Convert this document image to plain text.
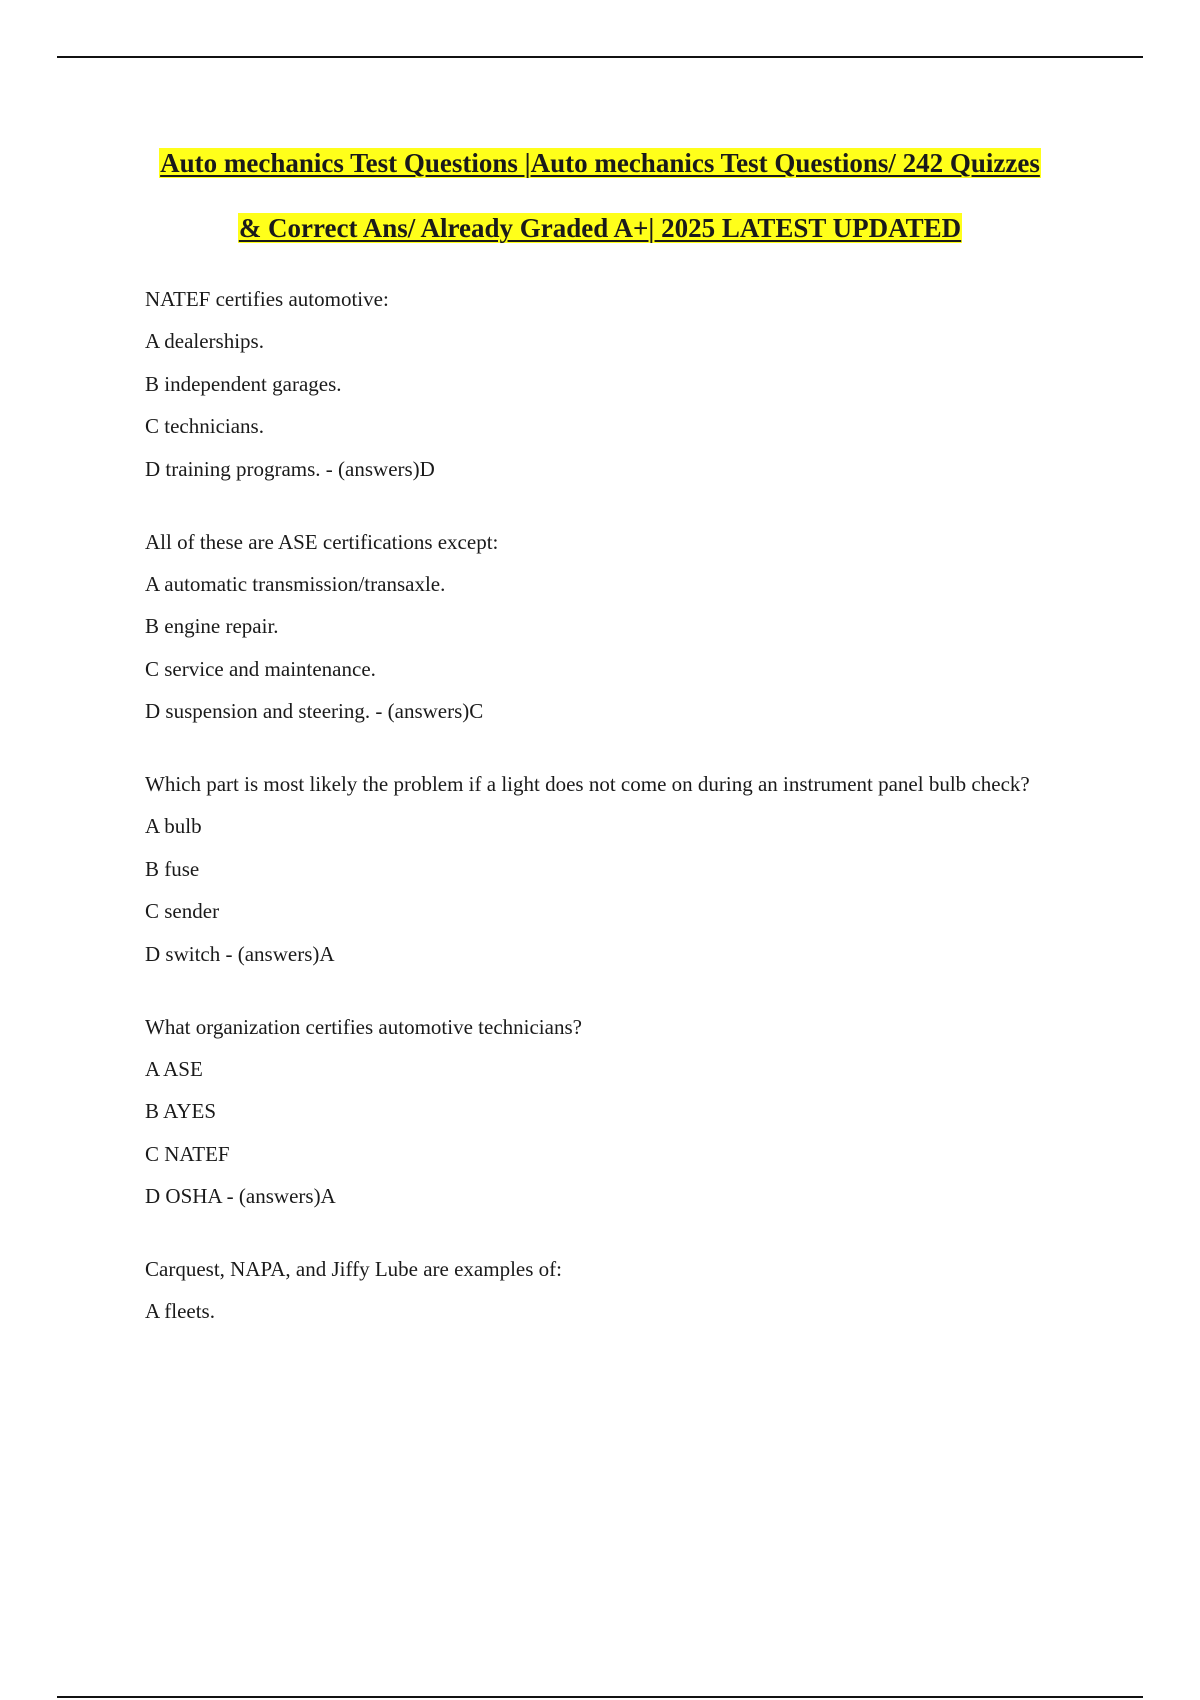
Auto mechanics Test Questions |Auto mechanics Test Questions/ 242 Quizzes
& Correct Ans/ Already Graded A+| 2025 LATEST UPDATED
NATEF certifies automotive:
A dealerships.
B independent garages.
C technicians.
D training programs. - (answers)D
All of these are ASE certifications except:
A automatic transmission/transaxle.
B engine repair.
C service and maintenance.
D suspension and steering. - (answers)C
Which part is most likely the problem if a light does not come on during an instrument panel bulb check?
A bulb
B fuse
C sender
D switch - (answers)A
What organization certifies automotive technicians?
A ASE
B AYES
C NATEF
D OSHA - (answers)A
Carquest, NAPA, and Jiffy Lube are examples of:
A fleets.
